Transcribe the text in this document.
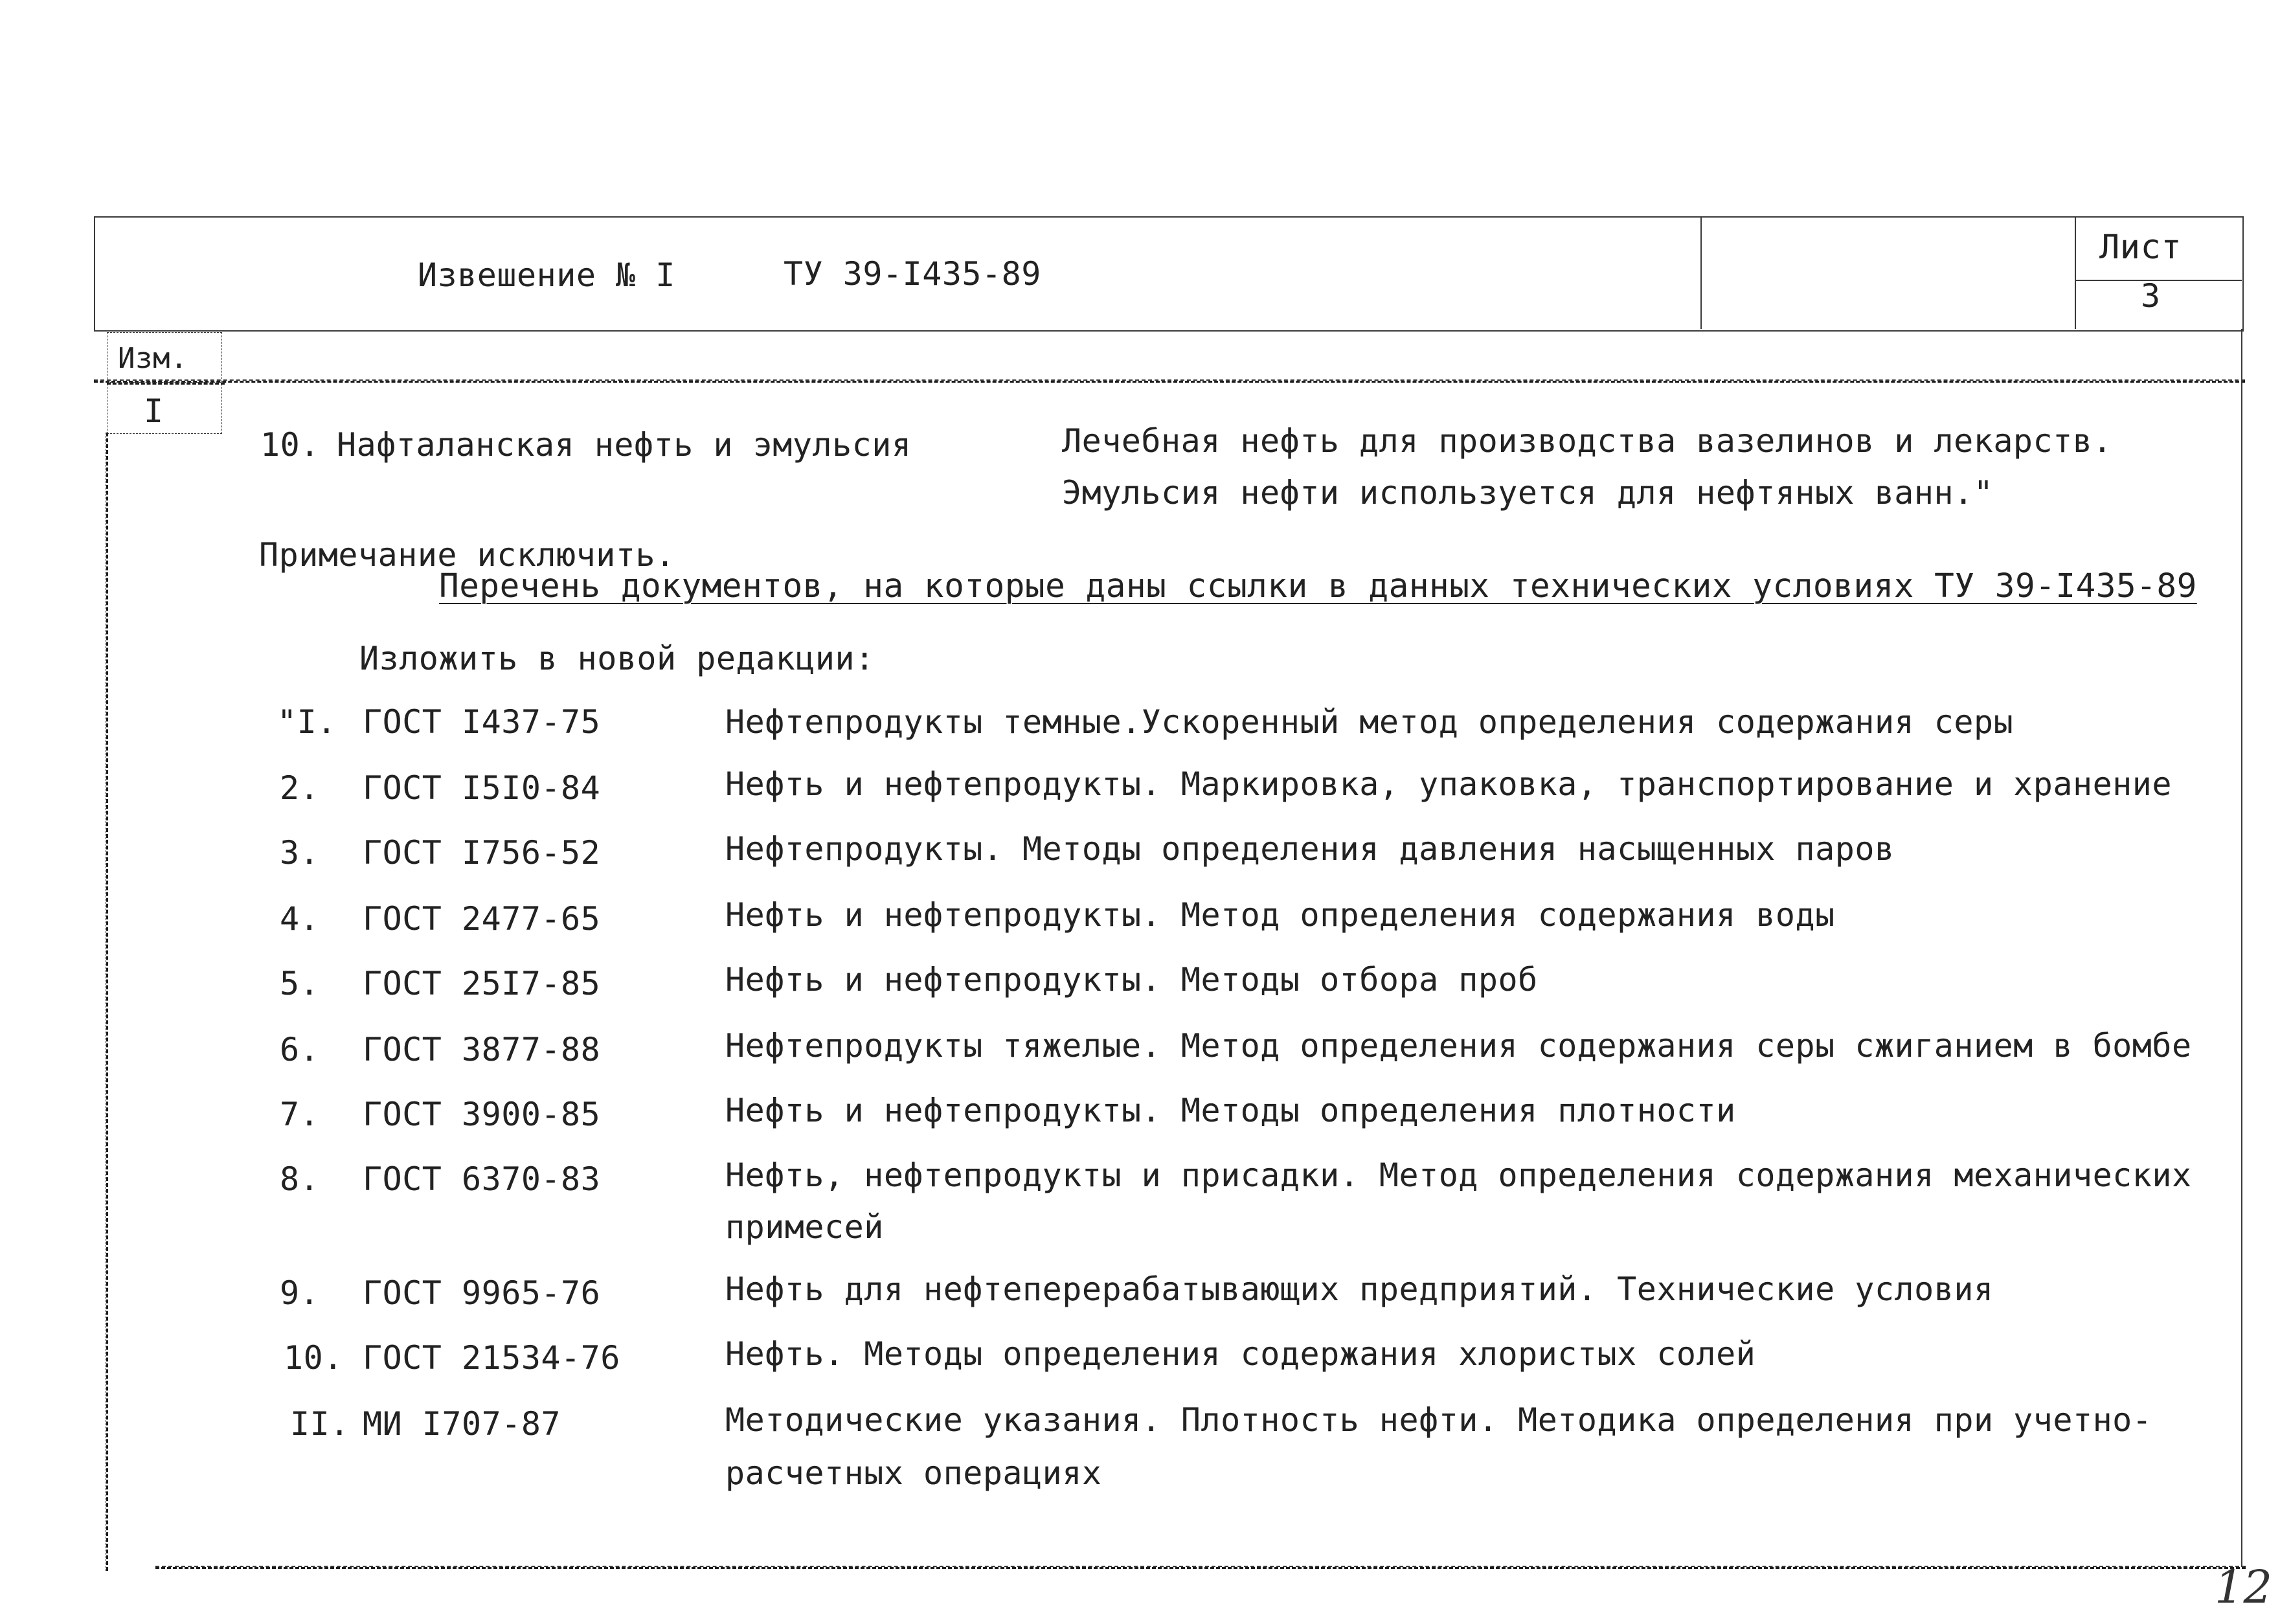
Извешение № I	ТУ 39-I435-89
Лист
3
Изм.
I
10. Нафталанская нефть и эмульсия	Лечебная нефть для производства вазелинов и лекарств.
Эмульсия нефти используется для нефтяных ванн."
Примечание исключить.
Перечень документов, на которые даны ссылки в данных технических условиях ТУ 39-I435-89
Изложить в новой редакции:
"I. ГОСТ I437-75	Нефтепродукты темные.Ускоренный метод определения содержания серы
2. ГОСТ I5I0-84	Нефть и нефтепродукты. Маркировка, упаковка, транспортирование и хранение
3. ГОСТ I756-52	Нефтепродукты. Методы определения давления насыщенных паров
4. ГОСТ 2477-65	Нефть и нефтепродукты. Метод определения содержания воды
5. ГОСТ 25I7-85	Нефть и нефтепродукты. Методы отбора проб
6. ГОСТ 3877-88	Нефтепродукты тяжелые. Метод определения содержания серы сжиганием в бомбе
7. ГОСТ 3900-85	Нефть и нефтепродукты. Методы определения плотности
8. ГОСТ 6370-83	Нефть, нефтепродукты и присадки. Метод определения содержания механических
примесей
9. ГОСТ 9965-76	Нефть для нефтеперерабатывающих предприятий. Технические условия
10. ГОСТ 21534-76	Нефть. Методы определения содержания хлористых солей
II. МИ I707-87	Методические указания. Плотность нефти. Методика определения при учетно-
расчетных операциях
12
